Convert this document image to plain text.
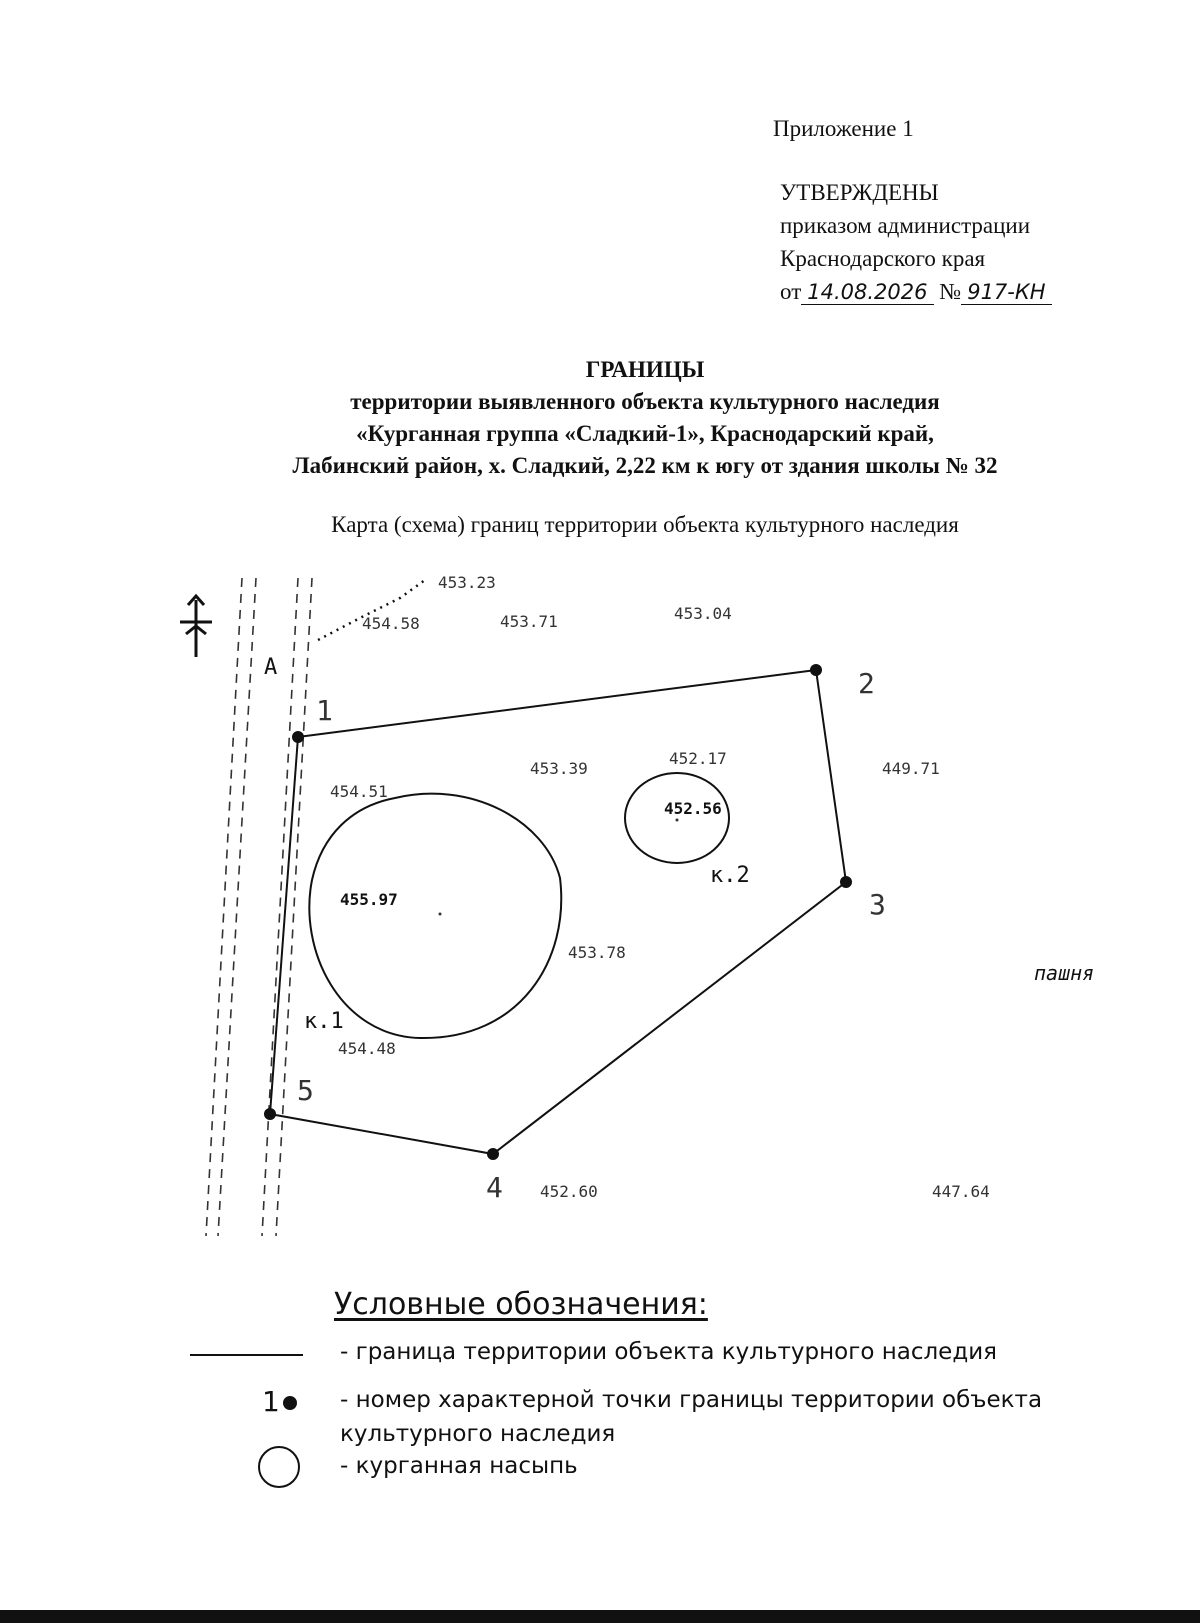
Приложение 1
УТВЕРЖДЕНЫ
приказом администрации
Краснодарского края
от 14.08.2026 № 917-КН
ГРАНИЦЫ
территории выявленного объекта культурного наследия
«Курганная группа «Сладкий-1», Краснодарский край,
Лабинский район, х. Сладкий, 2,22 км к югу от здания школы № 32
Карта (схема) границ территории объекта культурного наследия
1
2
3
4
5
к.1
к.2
А
пашня
453.23
454.58	453.71	453.04
453.39
452.17
449.71
454.51
452.56
455.97
453.78
454.48
452.60	447.64
Условные обозначения:
- граница территории объекта культурного наследия
1	- номер характерной точки границы территории объекта
культурного наследия
- курганная насыпь
